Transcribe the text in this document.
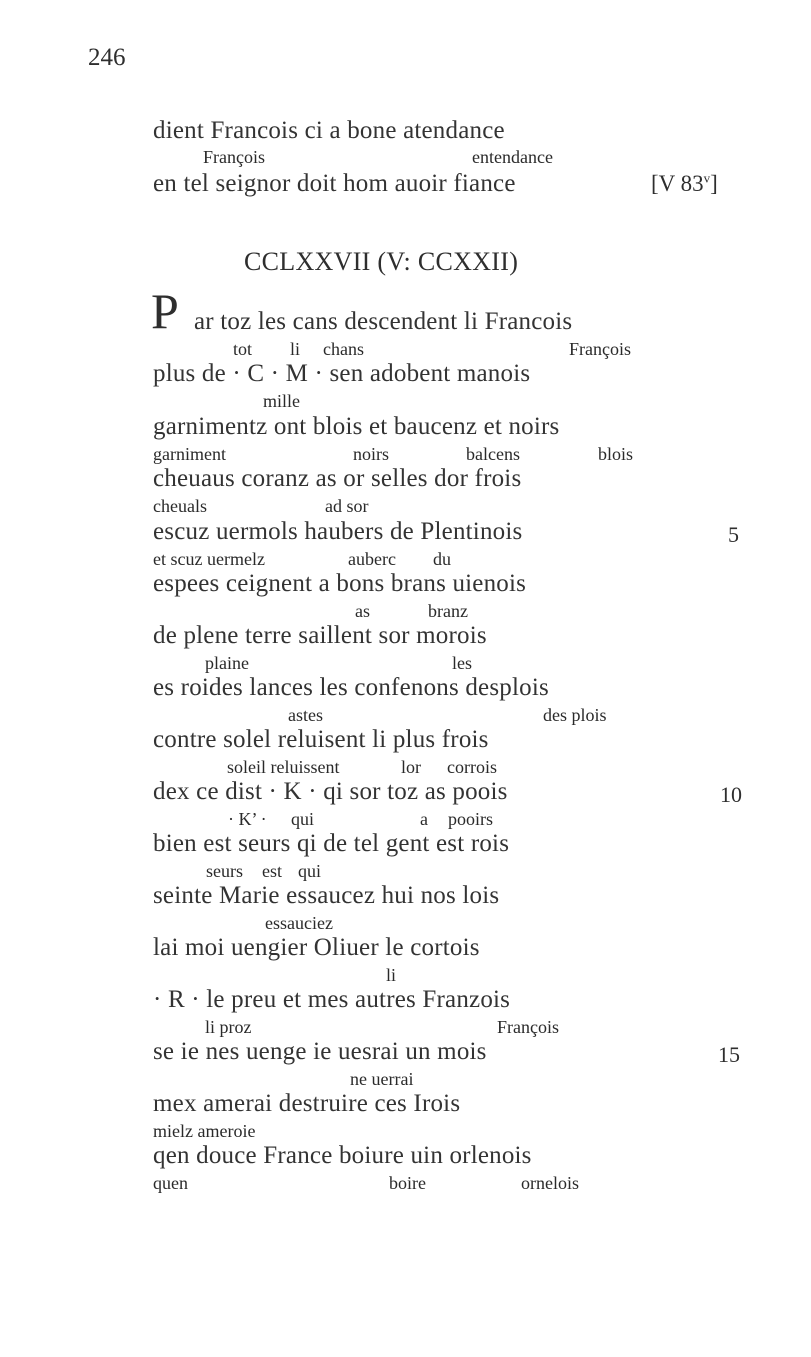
246
dient Francois ci a bone atendance
François	entendance
en tel seignor doit hom auoir fiance	[V 83$^v$]
CCLXXVII (V: CCXXII)
P ar toz les cans descendent li Francois
tot li chans	François
plus de · C · M · sen adobent manois
mille
garnimentz ont blois et baucenz et noirs
garniment	noirs	balcens	blois
cheuaus coranz as or selles dor frois
cheuals	ad sor
escuz uermols haubers de Plentinois	5
et scuz uermelz	auberc du
espees ceignent a bons brans uienois
as	branz
de plene terre saillent sor morois
plaine	les
es roides lances les confenons desplois
astes	des plois
contre solel reluisent li plus frois
soleil reluissent	lor corrois
dex ce dist · K · qi sor toz as poois	10
· K’ · qui	a pooirs
bien est seurs qi de tel gent est rois
seurs est qui
seinte Marie essaucez hui nos lois
essauciez
lai moi uengier Oliuer le cortois
li
· R · le preu et mes autres Franzois
li proz	François
se ie nes uenge ie uesrai un mois	15
ne uerrai
mex amerai destruire ces Irois
mielz ameroie
qen douce France boiure uin orlenois
quen	boire	ornelois
